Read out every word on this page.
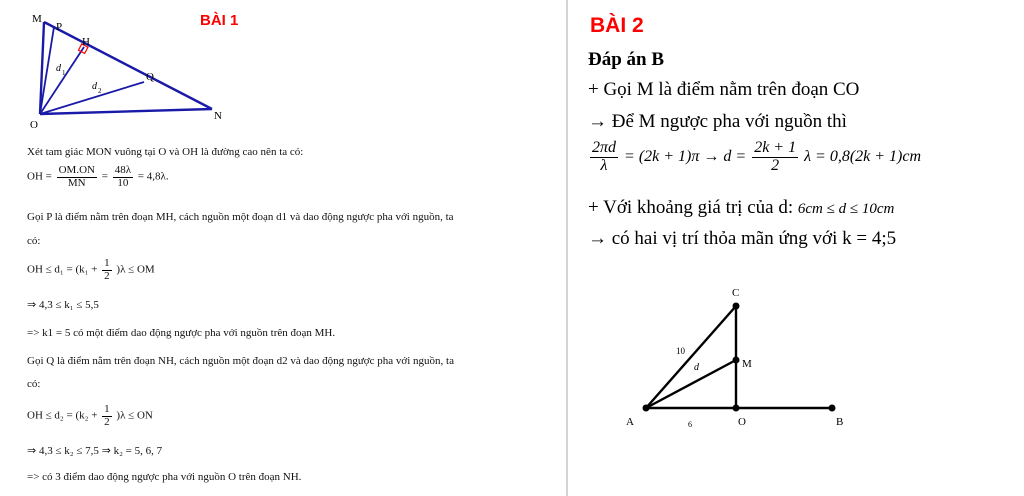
BÀI 1
M
P
H
Q
O
N
d 1
d 2
Xét tam giác MON vuông tại O và OH là đường cao nên ta có:
OH = $\frac{OM.ON}{MN} = \frac{48\lambda}{10} = 4,8\lambda$.
Gọi P là điểm nằm trên đoạn MH, cách nguồn một đoạn d1 và dao động ngược pha với nguồn, ta
có:
OH ≤ $d_1 = (k_1 + \frac{1}{2} )\lambda$ ≤ OM
⇒ 4,3 ≤ k₁ ≤ 5,5
=> k1 = 5 có một điểm dao động ngược pha với nguồn trên đoạn MH.
Gọi Q là điểm nằm trên đoạn NH, cách nguồn một đoạn d2 và dao động ngược pha với nguồn, ta
có:
OH ≤ $d_2 = (k_2 + \frac{1}{2} )\lambda$ ≤ ON
⇒ 4,3 ≤ k₂ ≤ 7,5 ⇒ k₂ = 5, 6, 7
=> có 3 điểm dao động ngược pha với nguồn O trên đoạn NH.
BÀI 2
Đáp án B
+ Gọi M là điểm nằm trên đoạn CO
→ Để M ngược pha với nguồn thì
$\frac{2\pi d}{\lambda} = (2k + 1)\pi \to d = \frac{2k + 1}{2}$ λ = 0,8(2k + 1)cm
+ Với khoảng giá trị của d: 6cm ≤ d ≤ 10cm
→ có hai vị trí thỏa mãn ứng với k = 4;5
C
M
A	O	B
10
d
6
